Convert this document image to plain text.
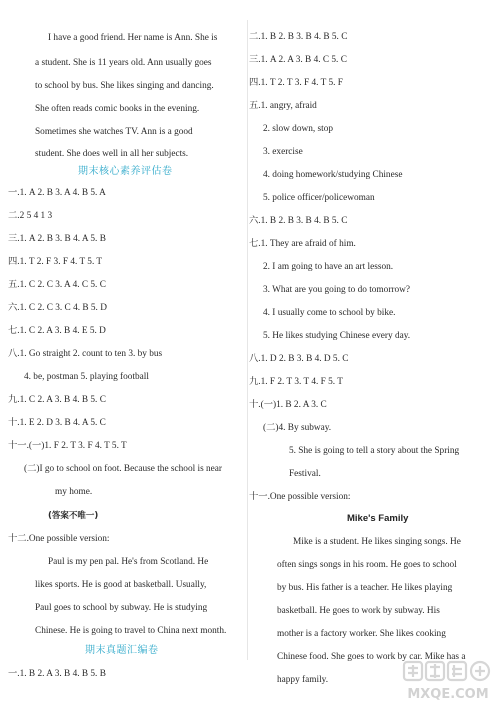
I have a good friend. Her name is Ann. She is
a student. She is 11 years old. Ann usually goes
to school by bus. She likes singing and dancing.
She often reads comic books in the evening.
Sometimes she watches TV. Ann is a good
student. She does well in all her subjects.
期末核心素养评估卷
一.1. A 2. B 3. A 4. B 5. A
二.2 5 4 1 3
三.1. A 2. B 3. B 4. A 5. B
四.1. T 2. F 3. F 4. T 5. T
五.1. C 2. C 3. A 4. C 5. C
六.1. C 2. C 3. C 4. B 5. D
七.1. C 2. A 3. B 4. E 5. D
八.1. Go straight 2. count to ten 3. by bus
4. be, postman 5. playing football
九.1. C 2. A 3. B 4. B 5. C
十.1. E 2. D 3. B 4. A 5. C
十一.(一)1. F 2. T 3. F 4. T 5. T
(二)I go to school on foot. Because the school is near
my home.
(答案不唯一)
十二.One possible version:
Paul is my pen pal. He's from Scotland. He
likes sports. He is good at basketball. Usually,
Paul goes to school by subway. He is studying
Chinese. He is going to travel to China next month.
期末真题汇编卷
一.1. B 2. A 3. B 4. B 5. B
二.1. B 2. B 3. B 4. B 5. C
三.1. A 2. A 3. B 4. C 5. C
四.1. T 2. T 3. F 4. T 5. F
五.1. angry, afraid
2. slow down, stop
3. exercise
4. doing homework/studying Chinese
5. police officer/policewoman
六.1. B 2. B 3. B 4. B 5. C
七.1. They are afraid of him.
2. I am going to have an art lesson.
3. What are you going to do tomorrow?
4. I usually come to school by bike.
5. He likes studying Chinese every day.
八.1. D 2. B 3. B 4. D 5. C
九.1. F 2. T 3. T 4. F 5. T
十.(一)1. B 2. A 3. C
(二)4. By subway.
5. She is going to tell a story about the Spring
Festival.
十一.One possible version:
Mike's Family
Mike is a student. He likes singing songs. He
often sings songs in his room. He goes to school
by bus. His father is a teacher. He likes playing
basketball. He goes to work by subway. His
mother is a factory worker. She likes cooking
Chinese food. She goes to work by car. Mike has a
happy family.
MXQE.COM
